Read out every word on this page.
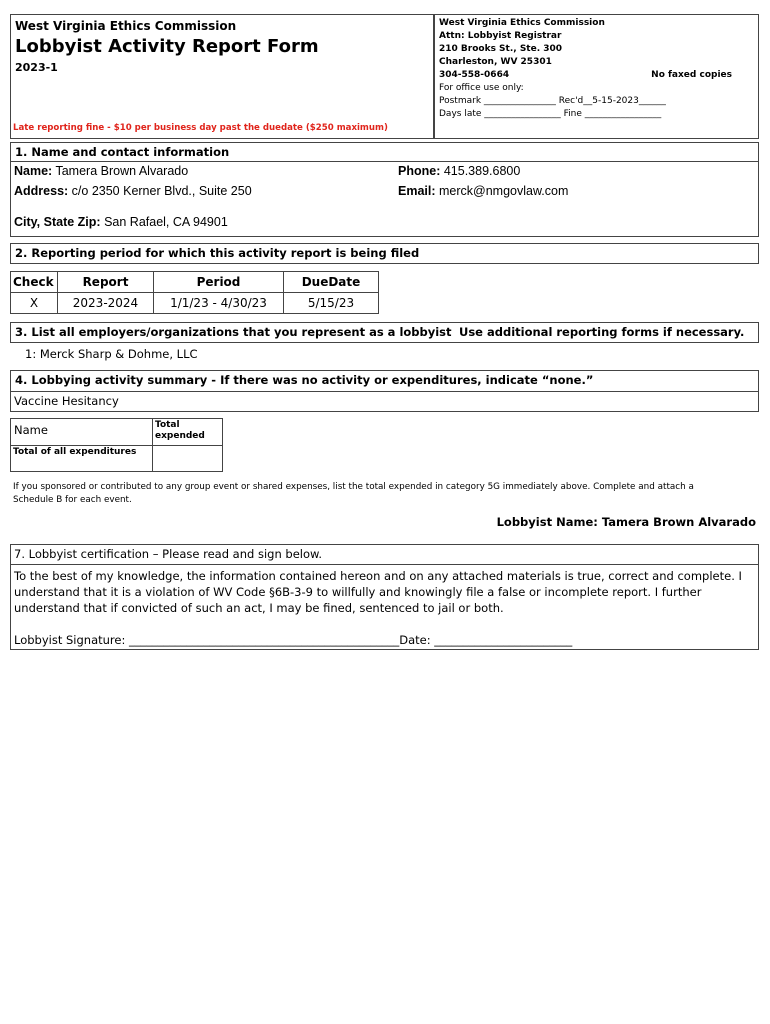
West Virginia Ethics Commission
Lobbyist Activity Report Form
2023-1
Late reporting fine - $10 per business day past the duedate ($250 maximum)
West Virginia Ethics Commission
Attn: Lobbyist Registrar
210 Brooks St., Ste. 300
Charleston, WV 25301
304-558-0664	No faxed copies
For office use only:
Postmark ________________ Rec'd__5-15-2023______
Days late _________________ Fine _________________
1. Name and contact information
Name: Tamera Brown Alvarado	Phone: 415.389.6800
Address: c/o 2350 Kerner Blvd., Suite 250	Email: merck@nmgovlaw.com
City, State Zip: San Rafael, CA 94901
2. Reporting period for which this activity report is being filed
Check	Report	Period	DueDate
X	2023-2024	1/1/23 - 4/30/23	5/15/23
3. List all employers/organizations that you represent as a lobbyist Use additional reporting forms if necessary.
1: Merck Sharp & Dohme, LLC
4. Lobbying activity summary - If there was no activity or expenditures, indicate “none.”
Vaccine Hesitancy
Name	Total expended
Total of all expenditures	
If you sponsored or contributed to any group event or shared expenses, list the total expended in category 5G immediately above. Complete and attach a
Schedule B for each event.
Lobbyist Name: Tamera Brown Alvarado
7. Lobbyist certification – Please read and sign below.
To the best of my knowledge, the information contained hereon and on any attached materials is true, correct and complete. I
understand that it is a violation of WV Code §6B-3-9 to willfully and knowingly file a false or incomplete report. I further
understand that if convicted of such an act, I may be fined, sentenced to jail or both.
Lobbyist Signature: _______________________________________________Date: ________________________
